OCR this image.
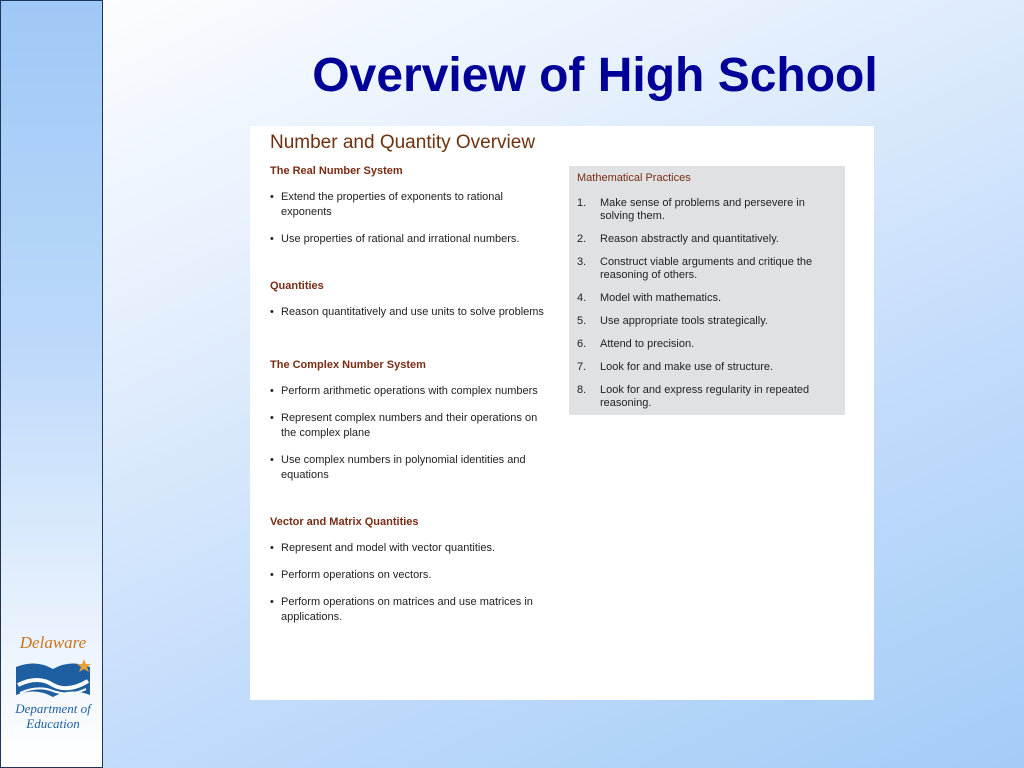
Delaware
Department of Education
Overview of High School
Number and Quantity Overview
The Real Number System
• Extend the properties of exponents to rational exponents
• Use properties of rational and irrational numbers.
Quantities
• Reason quantitatively and use units to solve problems
The Complex Number System
• Perform arithmetic operations with complex numbers
• Represent complex numbers and their operations on the complex plane
• Use complex numbers in polynomial identities and equations
Vector and Matrix Quantities
• Represent and model with vector quantities.
• Perform operations on vectors.
• Perform operations on matrices and use matrices in applications.
Mathematical Practices
1.	Make sense of problems and persevere in solving them.
2.	Reason abstractly and quantitatively.
3.	Construct viable arguments and critique the reasoning of others.
4.	Model with mathematics.
5.	Use appropriate tools strategically.
6.	Attend to precision.
7.	Look for and make use of structure.
8.	Look for and express regularity in repeated reasoning.
